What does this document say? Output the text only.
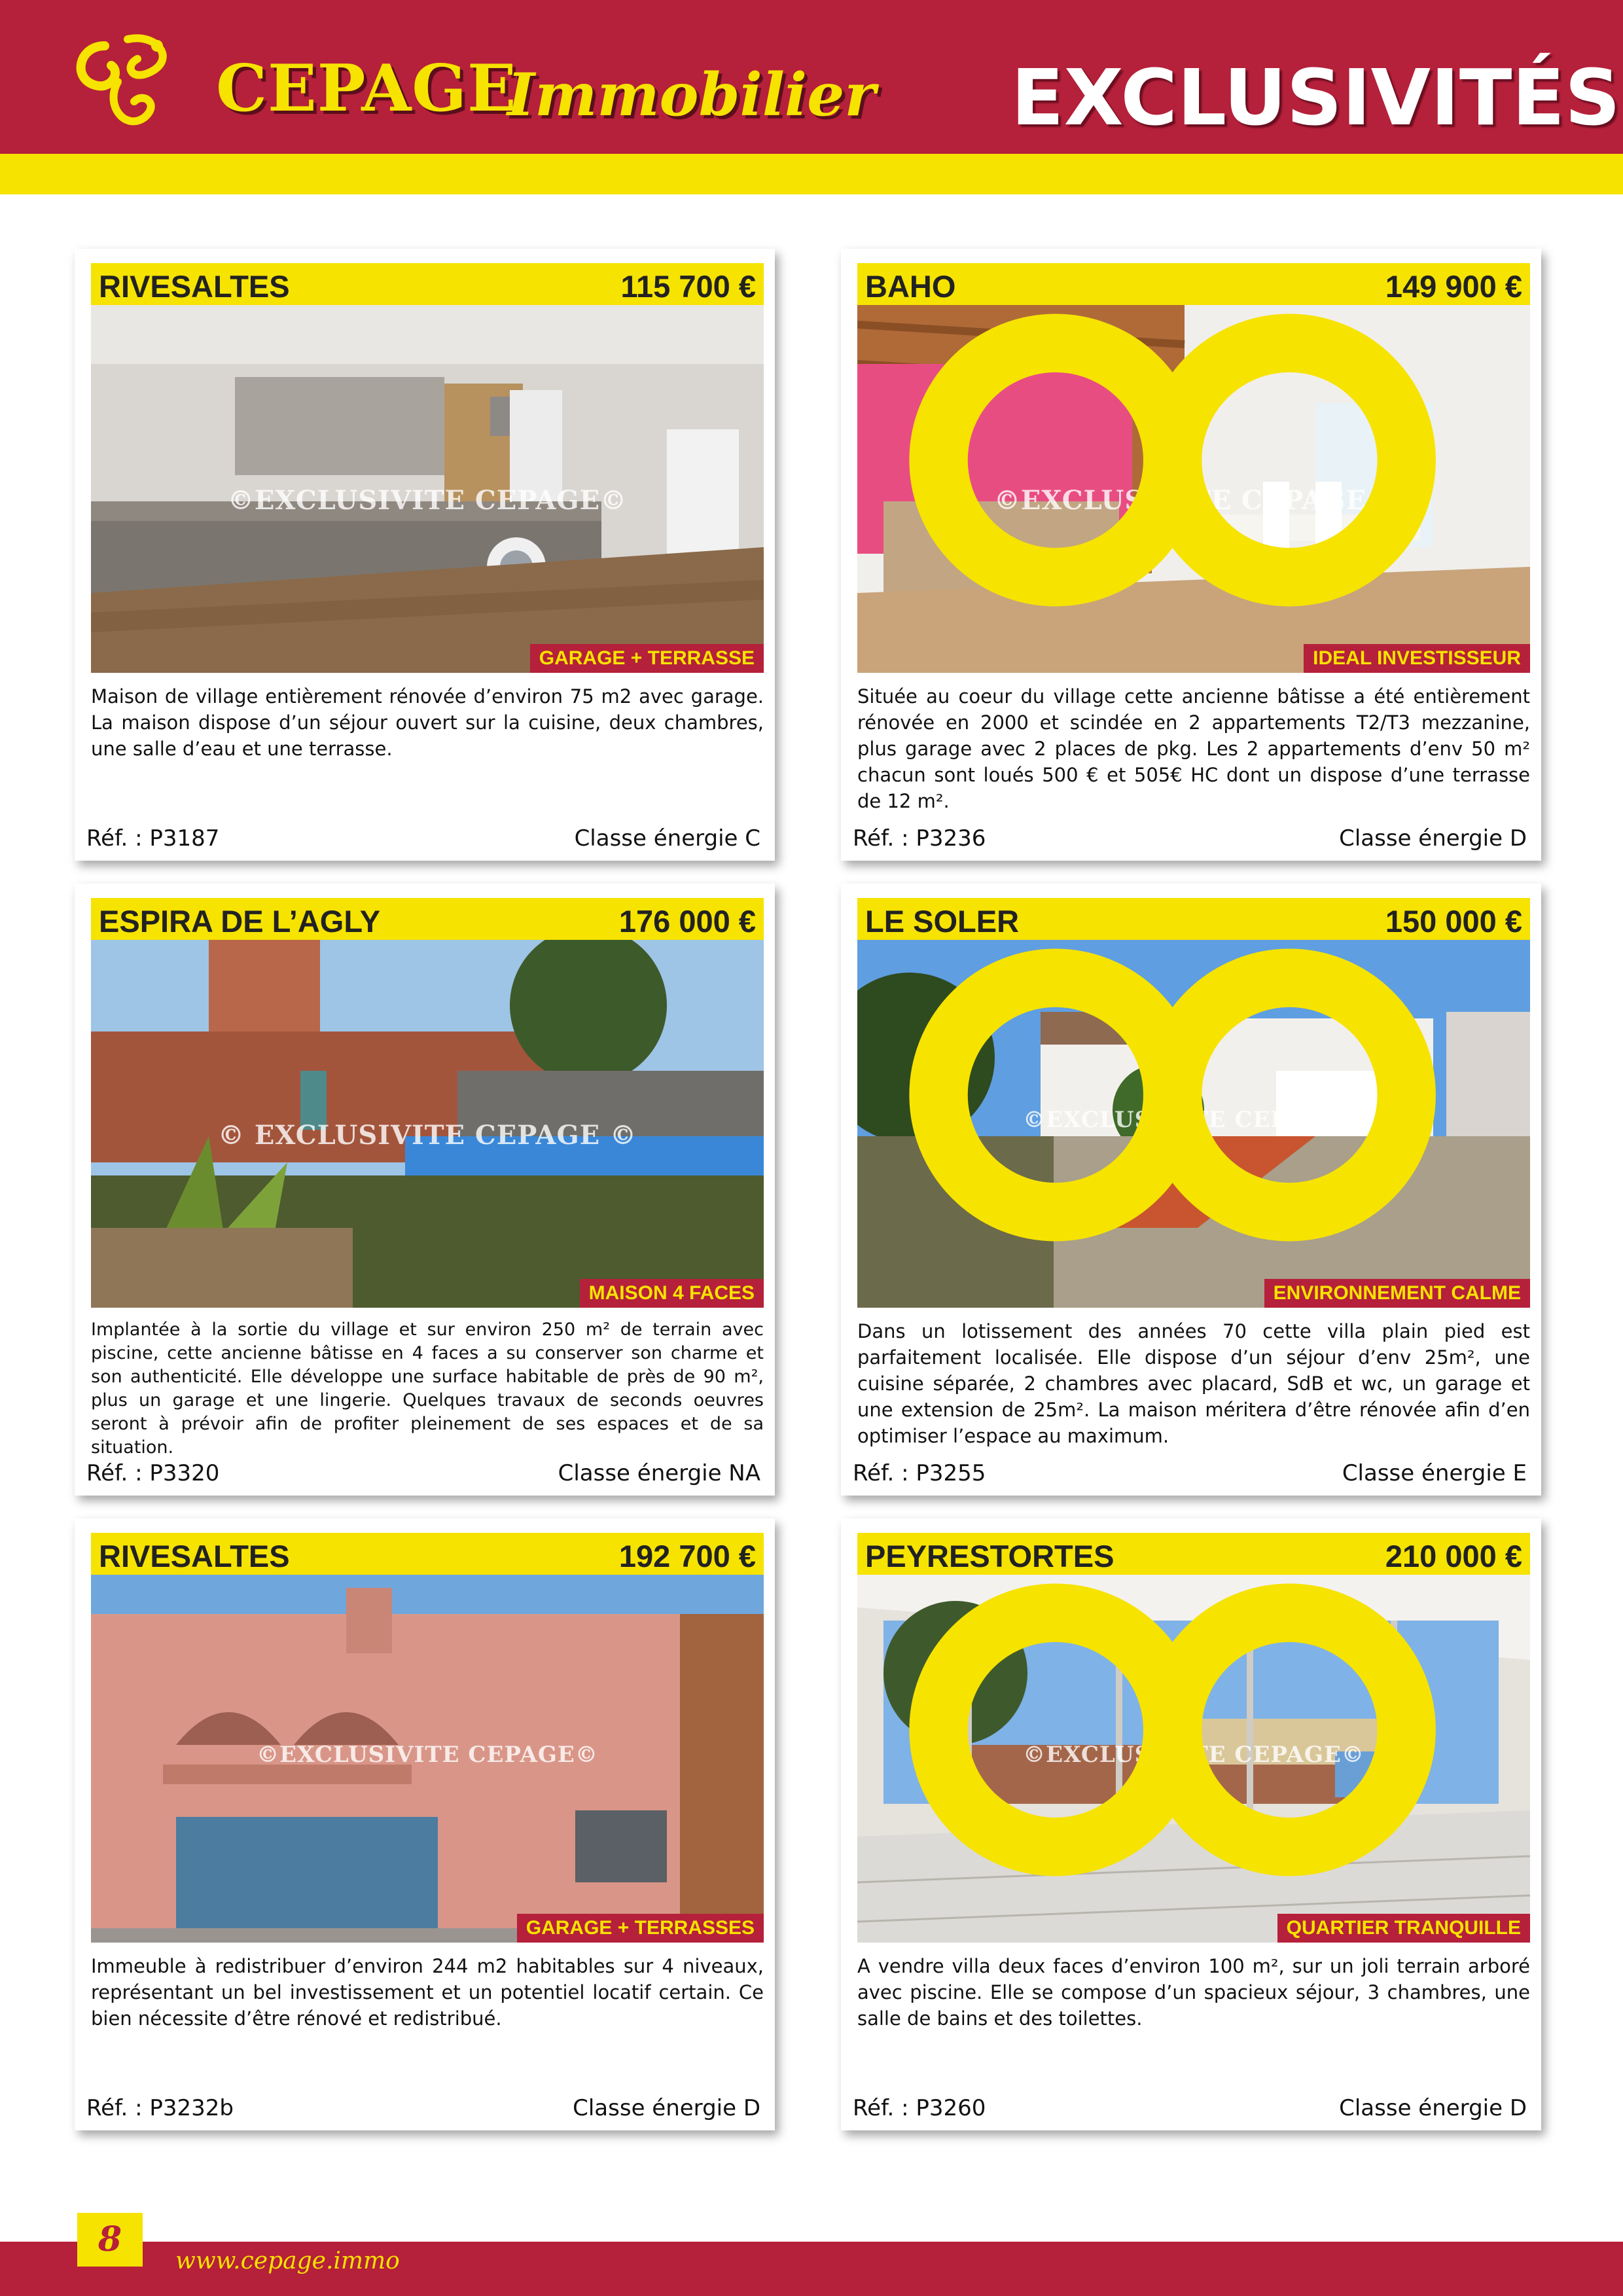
CEPAGE
Immobilier EXCLUSIVITÉS
RIVESALTES	115 700 €
©EXCLUSIVITE CEPAGE©
GARAGE + TERRASSE
Maison de village entièrement rénovée d’environ 75 m2 avec garage. La maison dispose d’un séjour ouvert sur la cuisine, deux chambres, une salle d’eau et une terrasse.
Réf. : P3187	Classe énergie C
BAHO	149 900 €
©EXCLUSIVITE CEPAGE©
IDEAL INVESTISSEUR
Située au coeur du village cette ancienne bâtisse a été entièrement rénovée en 2000 et scindée en 2 appartements T2/T3 mezzanine, plus garage avec 2 places de pkg. Les 2 appartements d’env 50 m² chacun sont loués 500 € et 505€ HC dont un dispose d’une terrasse de 12 m².
Réf. : P3236	Classe énergie D
ESPIRA DE L’AGLY	176 000 €
© EXCLUSIVITE CEPAGE ©
MAISON 4 FACES
Implantée à la sortie du village et sur environ 250 m² de terrain avec piscine, cette ancienne bâtisse en 4 faces a su conserver son charme et son authenticité. Elle développe une surface habitable de près de 90 m², plus un garage et une lingerie. Quelques travaux de seconds oeuvres seront à prévoir afin de profiter pleinement de ses espaces et de sa situation.
Réf. : P3320	Classe énergie NA
LE SOLER	150 000 €
©EXCLUSIVITE CEPAGE©
ENVIRONNEMENT CALME
Dans un lotissement des années 70 cette villa plain pied est parfaitement localisée. Elle dispose d’un séjour d’env 25m², une cuisine séparée, 2 chambres avec placard, SdB et wc, un garage et une extension de 25m². La maison méritera d’être rénovée afin d’en optimiser l’espace au maximum.
Réf. : P3255	Classe énergie E
RIVESALTES	192 700 €
©EXCLUSIVITE CEPAGE©
GARAGE + TERRASSES
Immeuble à redistribuer d’environ 244 m2 habitables sur 4 niveaux, représentant un bel investissement et un potentiel locatif certain. Ce bien nécessite d’être rénové et redistribué.
Réf. : P3232b	Classe énergie D
PEYRESTORTES	210 000 €
©EXCLUSIVITE CEPAGE©
QUARTIER TRANQUILLE
A vendre villa deux faces d’environ 100 m², sur un joli terrain arboré avec piscine. Elle se compose d’un spacieux séjour, 3 chambres, une salle de bains et des toilettes.
Réf. : P3260	Classe énergie D
8
www.cepage.immo
